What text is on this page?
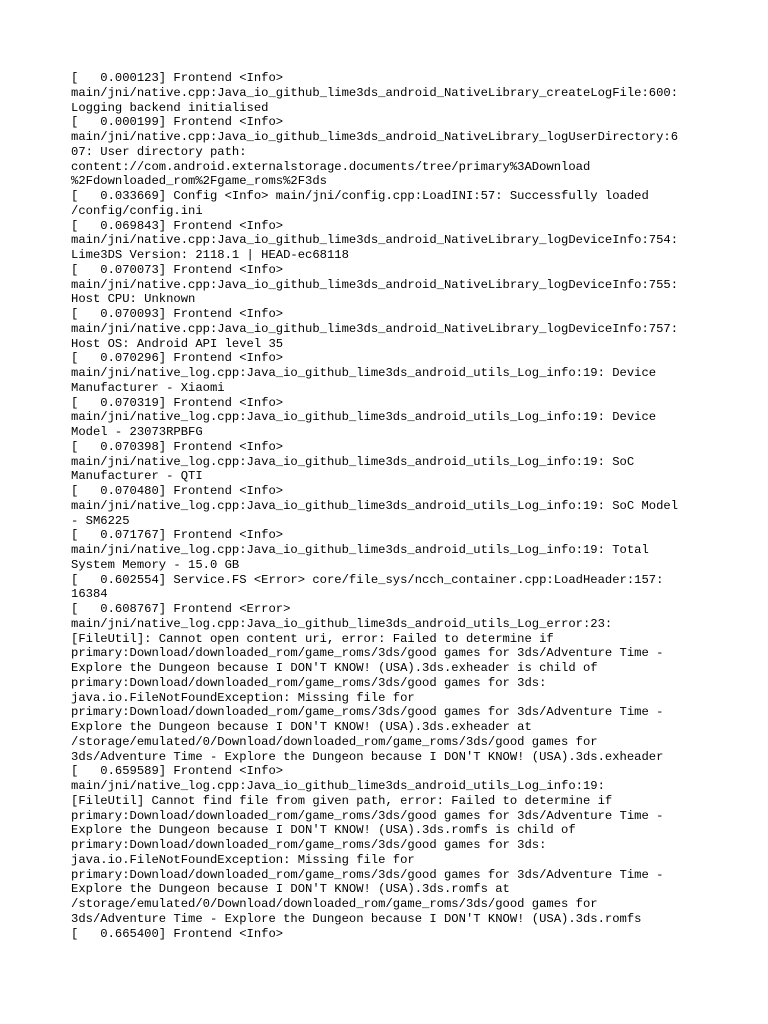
[   0.000123] Frontend <Info>
main/jni/native.cpp:Java_io_github_lime3ds_android_NativeLibrary_createLogFile:600:
Logging backend initialised
[   0.000199] Frontend <Info>
main/jni/native.cpp:Java_io_github_lime3ds_android_NativeLibrary_logUserDirectory:6
07: User directory path:
content://com.android.externalstorage.documents/tree/primary%3ADownload
%2Fdownloaded_rom%2Fgame_roms%2F3ds
[   0.033669] Config <Info> main/jni/config.cpp:LoadINI:57: Successfully loaded
/config/config.ini
[   0.069843] Frontend <Info>
main/jni/native.cpp:Java_io_github_lime3ds_android_NativeLibrary_logDeviceInfo:754:
Lime3DS Version: 2118.1 | HEAD-ec68118
[   0.070073] Frontend <Info>
main/jni/native.cpp:Java_io_github_lime3ds_android_NativeLibrary_logDeviceInfo:755:
Host CPU: Unknown
[   0.070093] Frontend <Info>
main/jni/native.cpp:Java_io_github_lime3ds_android_NativeLibrary_logDeviceInfo:757:
Host OS: Android API level 35
[   0.070296] Frontend <Info>
main/jni/native_log.cpp:Java_io_github_lime3ds_android_utils_Log_info:19: Device
Manufacturer - Xiaomi
[   0.070319] Frontend <Info>
main/jni/native_log.cpp:Java_io_github_lime3ds_android_utils_Log_info:19: Device
Model - 23073RPBFG
[   0.070398] Frontend <Info>
main/jni/native_log.cpp:Java_io_github_lime3ds_android_utils_Log_info:19: SoC
Manufacturer - QTI
[   0.070480] Frontend <Info>
main/jni/native_log.cpp:Java_io_github_lime3ds_android_utils_Log_info:19: SoC Model
- SM6225
[   0.071767] Frontend <Info>
main/jni/native_log.cpp:Java_io_github_lime3ds_android_utils_Log_info:19: Total
System Memory - 15.0 GB
[   0.602554] Service.FS <Error> core/file_sys/ncch_container.cpp:LoadHeader:157:
16384
[   0.608767] Frontend <Error>
main/jni/native_log.cpp:Java_io_github_lime3ds_android_utils_Log_error:23:
[FileUtil]: Cannot open content uri, error: Failed to determine if
primary:Download/downloaded_rom/game_roms/3ds/good games for 3ds/Adventure Time -
Explore the Dungeon because I DON'T KNOW! (USA).3ds.exheader is child of
primary:Download/downloaded_rom/game_roms/3ds/good games for 3ds:
java.io.FileNotFoundException: Missing file for
primary:Download/downloaded_rom/game_roms/3ds/good games for 3ds/Adventure Time -
Explore the Dungeon because I DON'T KNOW! (USA).3ds.exheader at
/storage/emulated/0/Download/downloaded_rom/game_roms/3ds/good games for
3ds/Adventure Time - Explore the Dungeon because I DON'T KNOW! (USA).3ds.exheader
[   0.659589] Frontend <Info>
main/jni/native_log.cpp:Java_io_github_lime3ds_android_utils_Log_info:19:
[FileUtil] Cannot find file from given path, error: Failed to determine if
primary:Download/downloaded_rom/game_roms/3ds/good games for 3ds/Adventure Time -
Explore the Dungeon because I DON'T KNOW! (USA).3ds.romfs is child of
primary:Download/downloaded_rom/game_roms/3ds/good games for 3ds:
java.io.FileNotFoundException: Missing file for
primary:Download/downloaded_rom/game_roms/3ds/good games for 3ds/Adventure Time -
Explore the Dungeon because I DON'T KNOW! (USA).3ds.romfs at
/storage/emulated/0/Download/downloaded_rom/game_roms/3ds/good games for
3ds/Adventure Time - Explore the Dungeon because I DON'T KNOW! (USA).3ds.romfs
[   0.665400] Frontend <Info>
